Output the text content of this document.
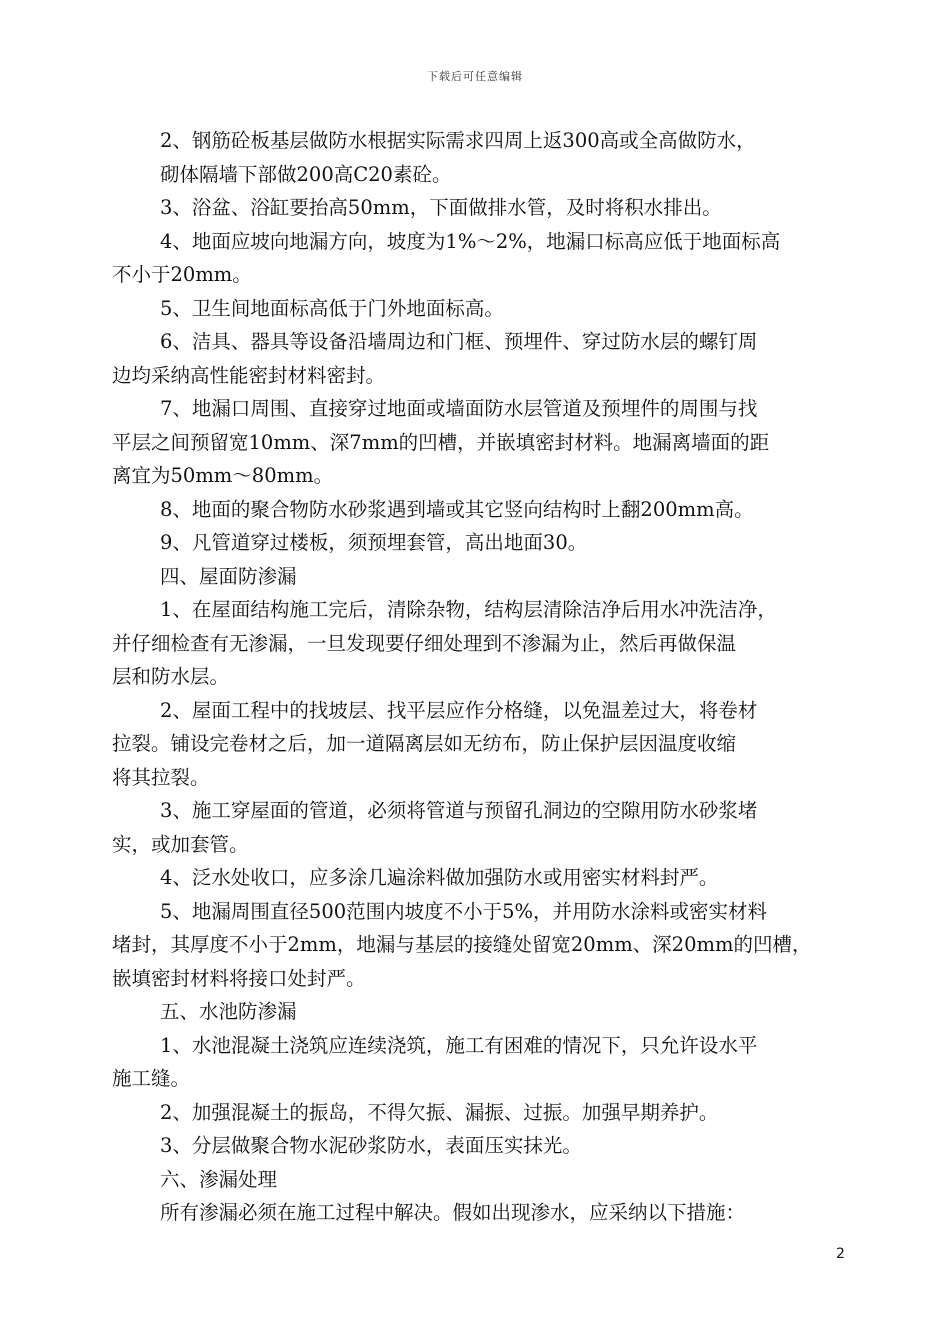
下载后可任意编辑
2、钢筋砼板基层做防水根据实际需求四周上返300高或全高做防水，
砌体隔墙下部做200高C20素砼。
3、浴盆、浴缸要抬高50mm，下面做排水管，及时将积水排出。
4、地面应坡向地漏方向，坡度为1%～2%，地漏口标高应低于地面标高
不小于20mm。
5、卫生间地面标高低于门外地面标高。
6、洁具、器具等设备沿墙周边和门框、预埋件、穿过防水层的螺钉周
边均采纳高性能密封材料密封。
7、地漏口周围、直接穿过地面或墙面防水层管道及预埋件的周围与找
平层之间预留宽10mm、深7mm的凹槽，并嵌填密封材料。地漏离墙面的距
离宜为50mm～80mm。
8、地面的聚合物防水砂浆遇到墙或其它竖向结构时上翻200mm高。
9、凡管道穿过楼板，须预埋套管，高出地面30。
四、屋面防渗漏
1、在屋面结构施工完后，清除杂物，结构层清除洁净后用水冲洗洁净，
并仔细检查有无渗漏，一旦发现要仔细处理到不渗漏为止，然后再做保温
层和防水层。
2、屋面工程中的找坡层、找平层应作分格缝，以免温差过大，将卷材
拉裂。铺设完卷材之后，加一道隔离层如无纺布，防止保护层因温度收缩
将其拉裂。
3、施工穿屋面的管道，必须将管道与预留孔洞边的空隙用防水砂浆堵
实，或加套管。
4、泛水处收口，应多涂几遍涂料做加强防水或用密实材料封严。
5、地漏周围直径500范围内坡度不小于5%，并用防水涂料或密实材料
堵封，其厚度不小于2mm，地漏与基层的接缝处留宽20mm、深20mm的凹槽，
嵌填密封材料将接口处封严。
五、水池防渗漏
1、水池混凝土浇筑应连续浇筑，施工有困难的情况下，只允许设水平
施工缝。
2、加强混凝土的振岛，不得欠振、漏振、过振。加强早期养护。
3、分层做聚合物水泥砂浆防水，表面压实抹光。
六、渗漏处理
所有渗漏必须在施工过程中解决。假如出现渗水，应采纳以下措施：
2
